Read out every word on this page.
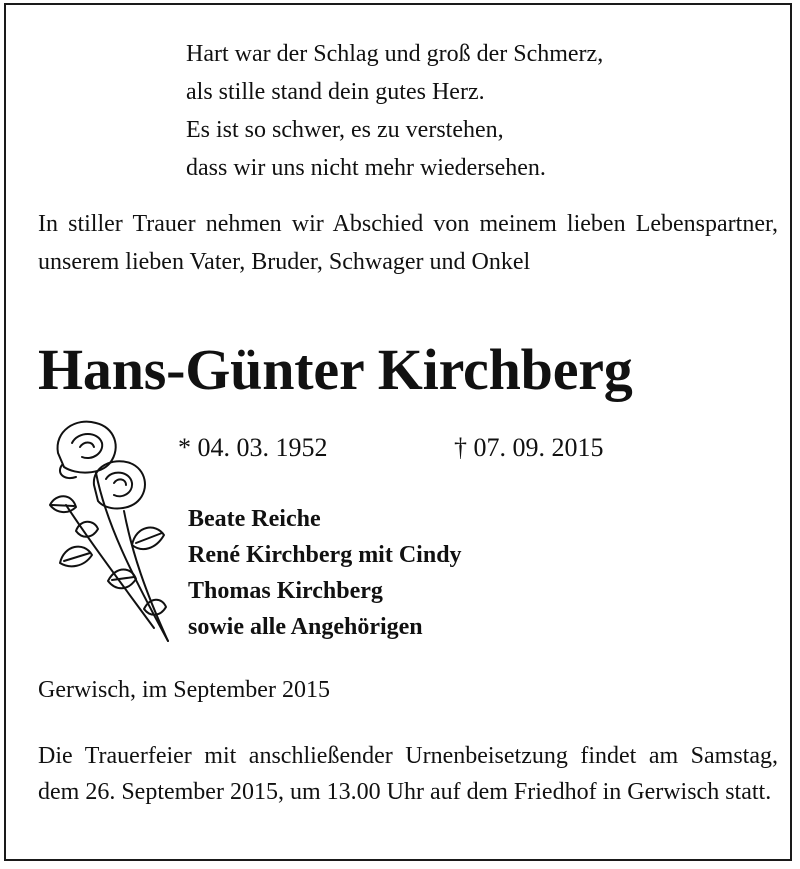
Hart war der Schlag und groß der Schmerz,
als stille stand dein gutes Herz.
Es ist so schwer, es zu verstehen,
dass wir uns nicht mehr wiedersehen.
In stiller Trauer nehmen wir Abschied von meinem lieben Lebenspartner, unserem lieben Vater, Bruder, Schwager und Onkel
Hans-Günter Kirchberg
* 04. 03. 1952	† 07. 09. 2015
Beate Reiche
René Kirchberg mit Cindy
Thomas Kirchberg
sowie alle Angehörigen
Gerwisch, im September 2015
Die Trauerfeier mit anschließender Urnenbeisetzung findet am Samstag, dem 26. September 2015, um 13.00 Uhr auf dem Friedhof in Gerwisch statt.
